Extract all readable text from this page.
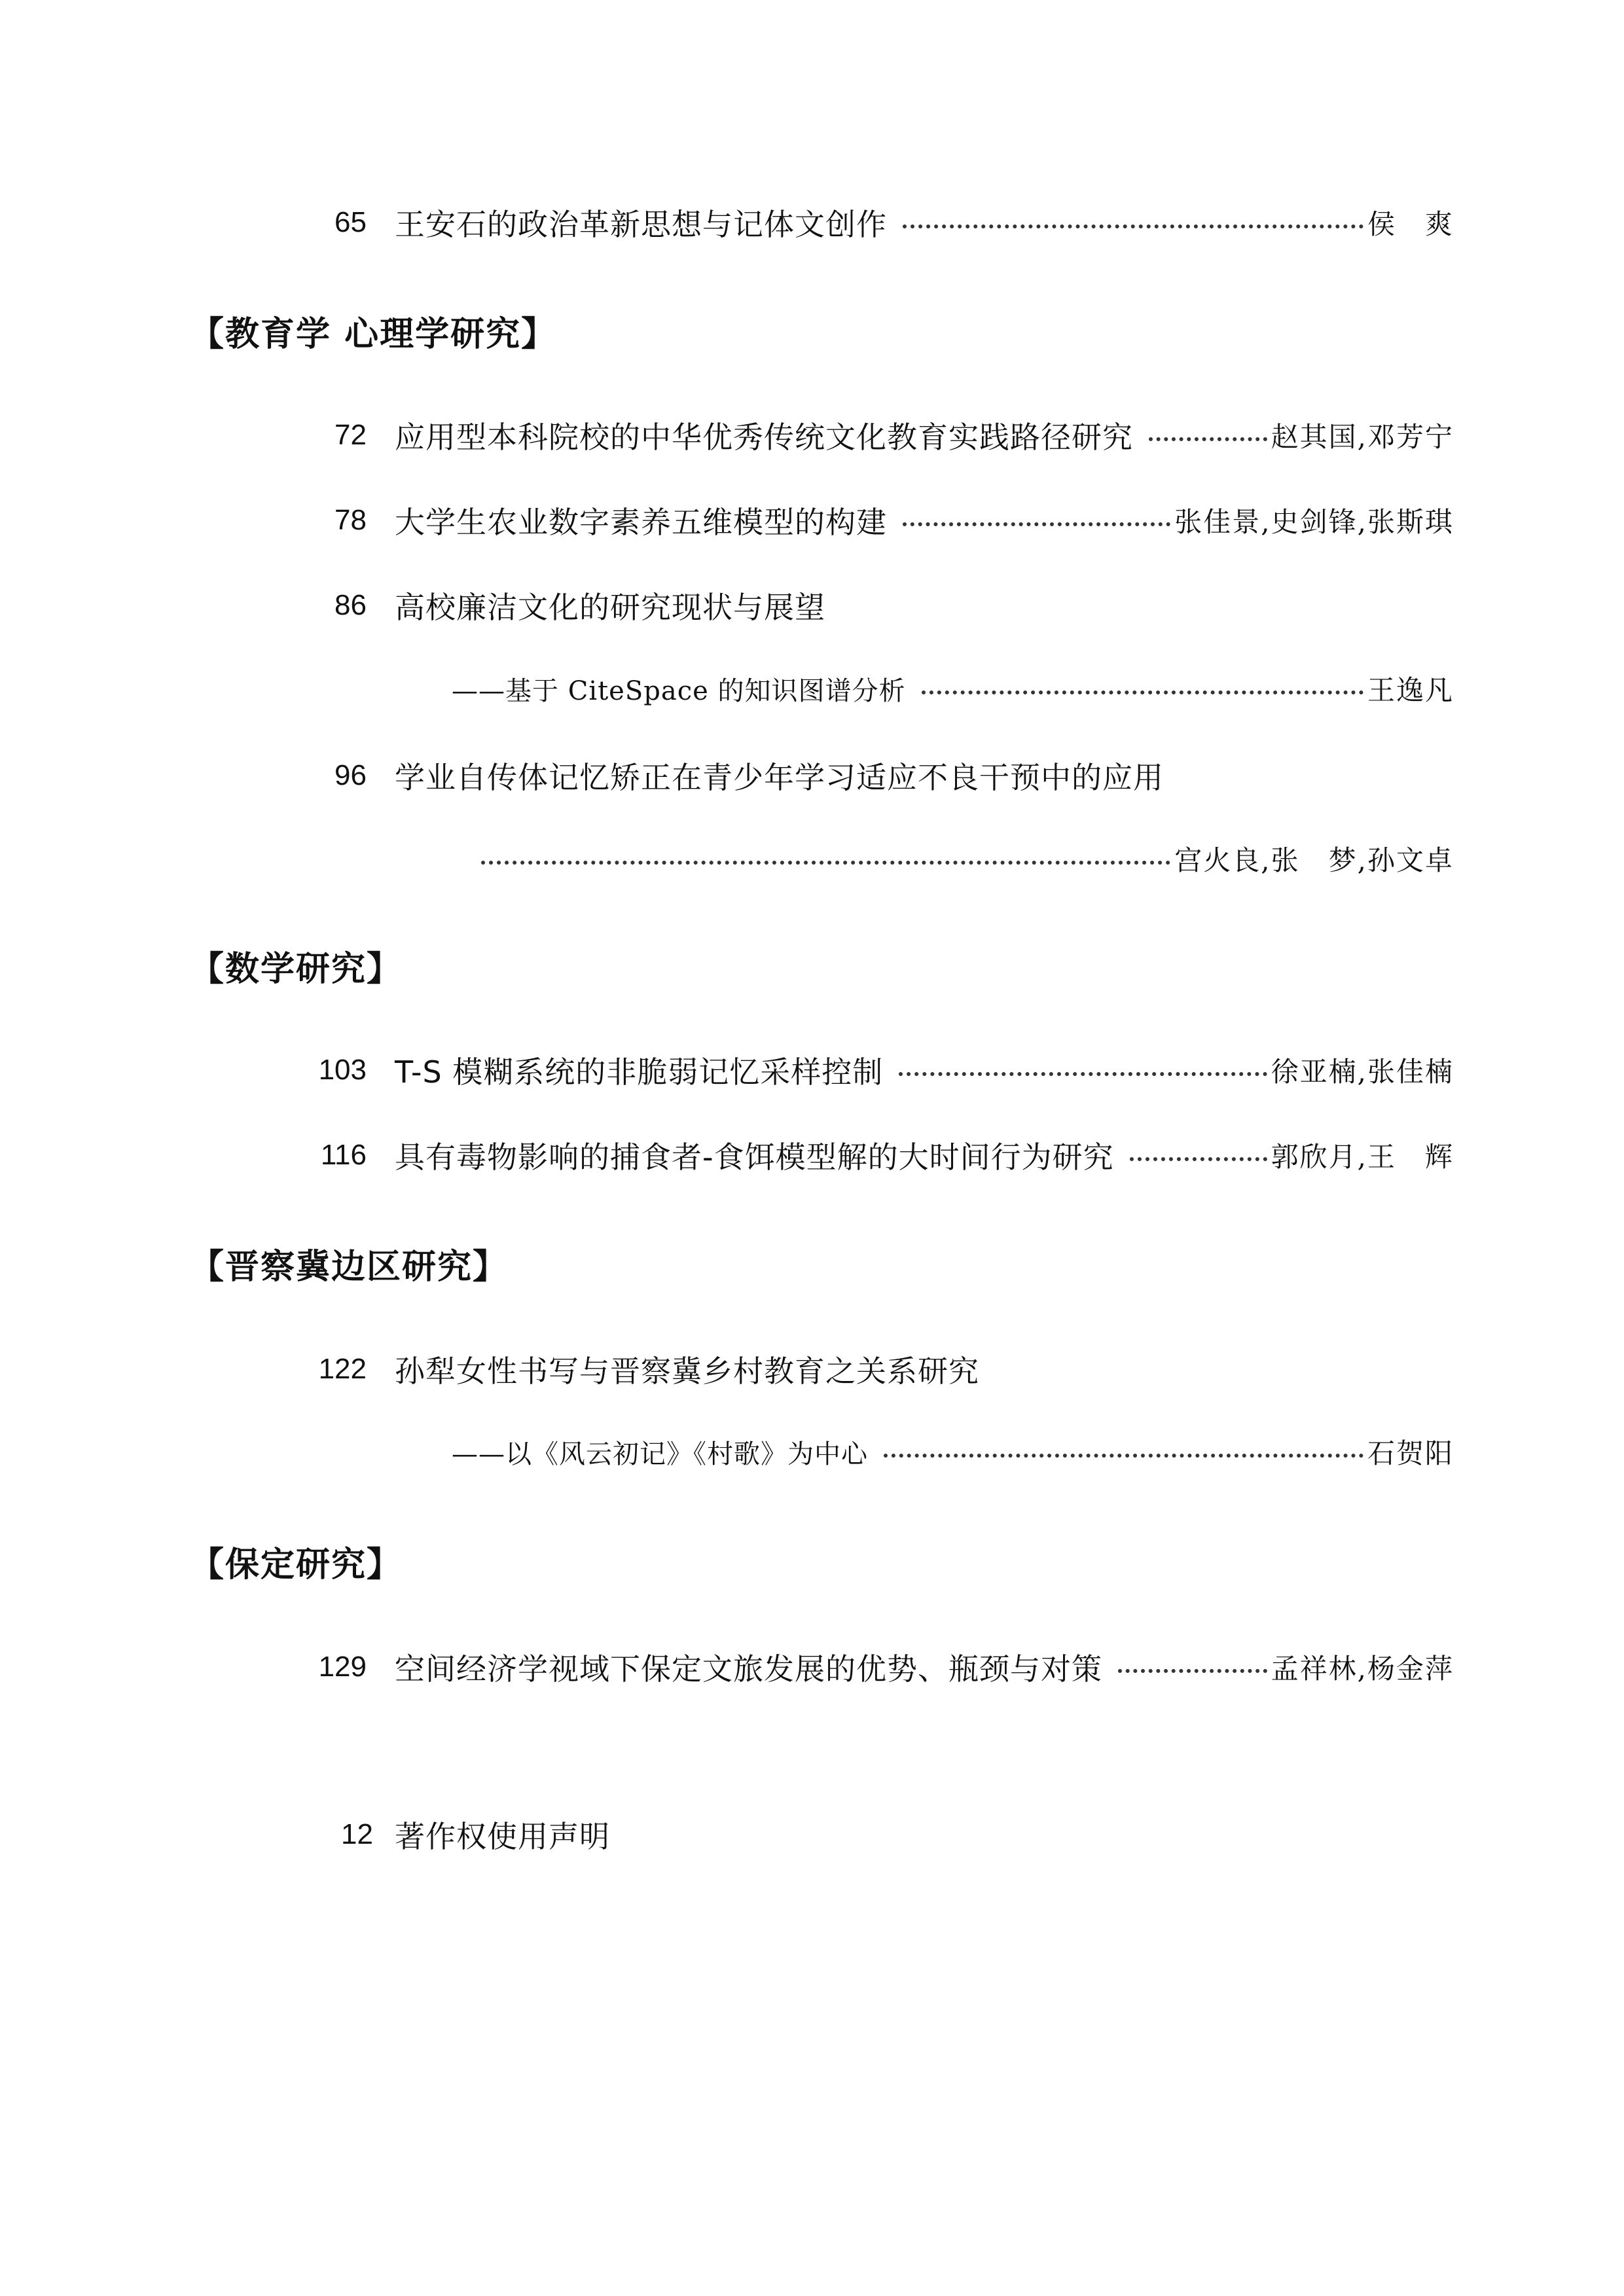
65 王安石的政治革新思想与记体文创作	侯　爽
【教育学 心理学研究】
72 应用型本科院校的中华优秀传统文化教育实践路径研究	赵其国,邓芳宁
78 大学生农业数字素养五维模型的构建	张佳景,史剑锋,张斯琪
86 高校廉洁文化的研究现状与展望
——基于 CiteSpace 的知识图谱分析	王逸凡
96 学业自传体记忆矫正在青少年学习适应不良干预中的应用
宫火良,张　梦,孙文卓
【数学研究】
103 T-S 模糊系统的非脆弱记忆采样控制	徐亚楠,张佳楠
116 具有毒物影响的捕食者-食饵模型解的大时间行为研究	郭欣月,王　辉
【晋察冀边区研究】
122 孙犁女性书写与晋察冀乡村教育之关系研究
——以《风云初记》《村歌》为中心	石贺阳
【保定研究】
129 空间经济学视域下保定文旅发展的优势、瓶颈与对策	孟祥林,杨金萍
12 著作权使用声明
